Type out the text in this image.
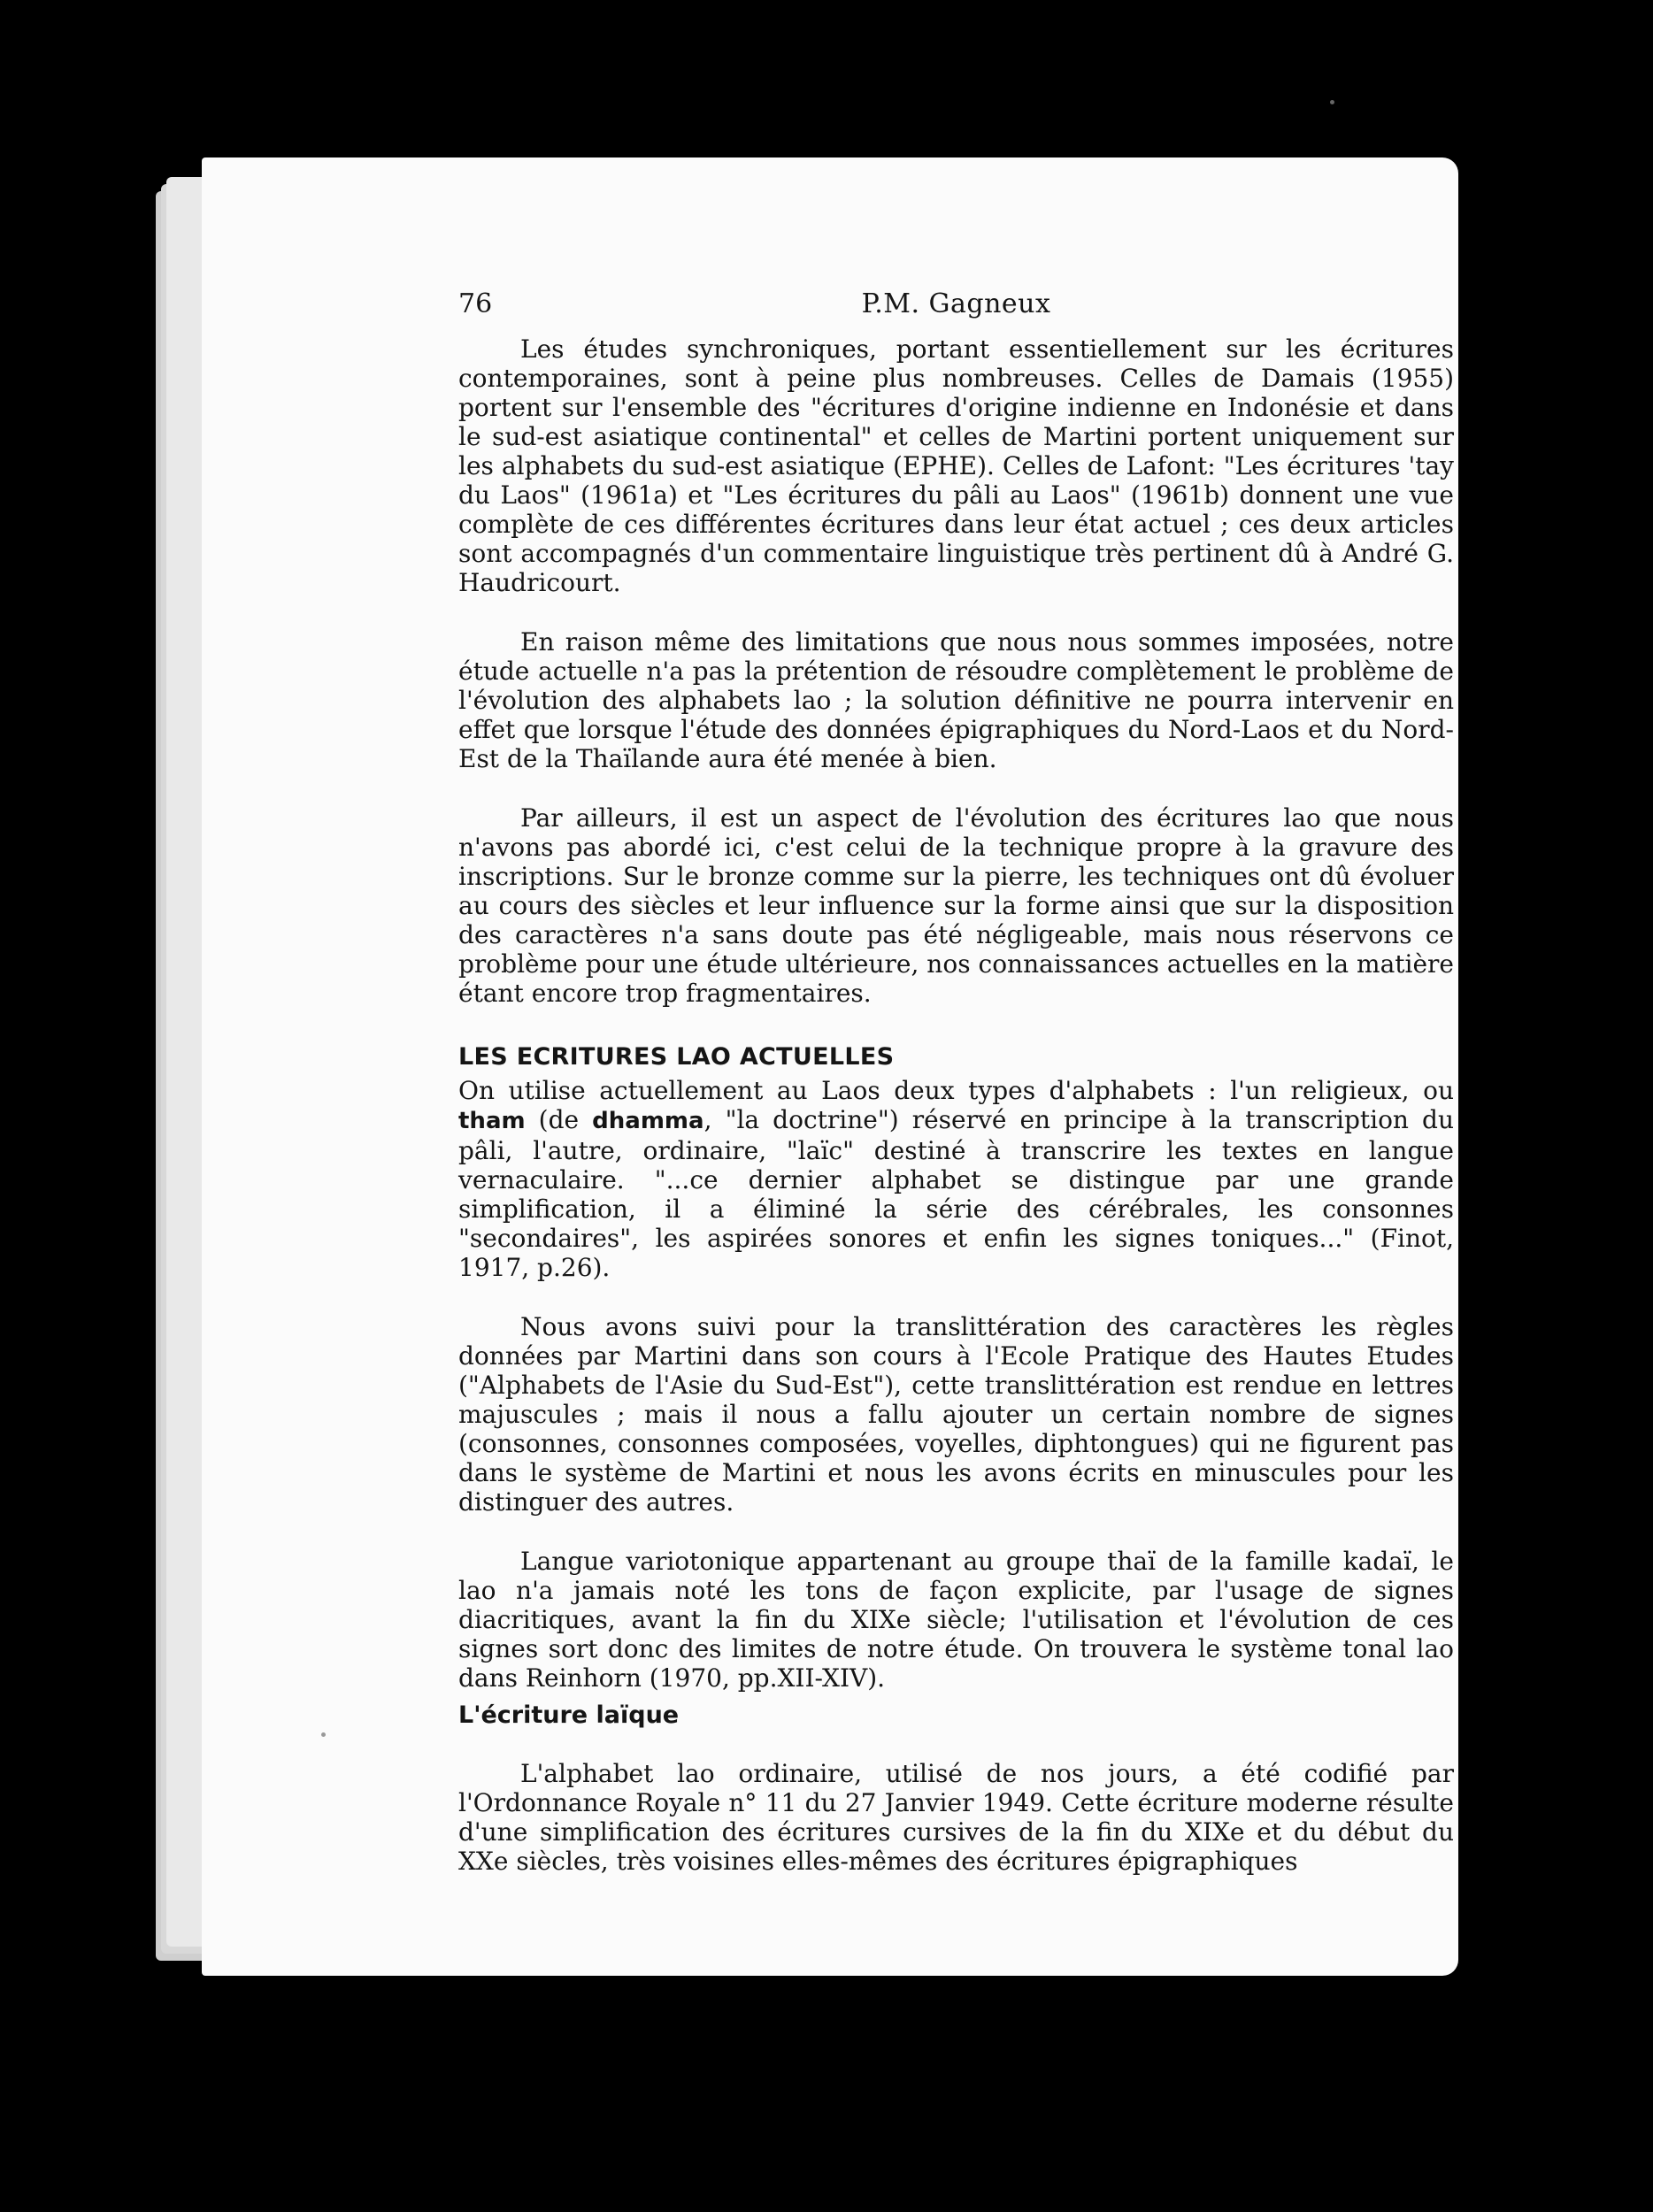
76	P.M. Gagneux

Les études synchroniques, portant essentiellement sur les écritures contemporaines, sont à peine plus nombreuses. Celles de Damais (1955) portent sur l'ensemble des "écritures d'origine indienne en Indonésie et dans le sud-est asiatique continental" et celles de Martini portent uniquement sur les alphabets du sud-est asiatique (EPHE). Celles de Lafont: "Les écritures 'tay du Laos" (1961a) et "Les écritures du pâli au Laos" (1961b) donnent une vue complète de ces différentes écritures dans leur état actuel ; ces deux articles sont accompagnés d'un commentaire linguistique très pertinent dû à André G. Haudricourt.

En raison même des limitations que nous nous sommes imposées, notre étude actuelle n'a pas la prétention de résoudre complètement le problème de l'évolution des alphabets lao ; la solution définitive ne pourra intervenir en effet que lorsque l'étude des données épigraphiques du Nord-Laos et du Nord-Est de la Thaïlande aura été menée à bien.

Par ailleurs, il est un aspect de l'évolution des écritures lao que nous n'avons pas abordé ici, c'est celui de la technique propre à la gravure des inscriptions. Sur le bronze comme sur la pierre, les techniques ont dû évoluer au cours des siècles et leur influence sur la forme ainsi que sur la disposition des caractères n'a sans doute pas été négligeable, mais nous réservons ce problème pour une étude ultérieure, nos connaissances actuelles en la matière étant encore trop fragmentaires.

LES ECRITURES LAO ACTUELLES

On utilise actuellement au Laos deux types d'alphabets : l'un religieux, ou tham (de dhamma, "la doctrine") réservé en principe à la transcription du pâli, l'autre, ordinaire, "laïc" destiné à transcrire les textes en langue vernaculaire. "...ce dernier alphabet se distingue par une grande simplification, il a éliminé la série des cérébrales, les consonnes "secondaires", les aspirées sonores et enfin les signes toniques..." (Finot, 1917, p.26).

Nous avons suivi pour la translittération des caractères les règles données par Martini dans son cours à l'Ecole Pratique des Hautes Etudes ("Alphabets de l'Asie du Sud-Est"), cette translittération est rendue en lettres majuscules ; mais il nous a fallu ajouter un certain nombre de signes (consonnes, consonnes composées, voyelles, diphtongues) qui ne figurent pas dans le système de Martini et nous les avons écrits en minuscules pour les distinguer des autres.

Langue variotonique appartenant au groupe thaï de la famille kadaï, le lao n'a jamais noté les tons de façon explicite, par l'usage de signes diacritiques, avant la fin du XIXe siècle; l'utilisation et l'évolution de ces signes sort donc des limites de notre étude. On trouvera le système tonal lao dans Reinhorn (1970, pp.XII-XIV).

L'écriture laïque

L'alphabet lao ordinaire, utilisé de nos jours, a été codifié par l'Ordonnance Royale n° 11 du 27 Janvier 1949. Cette écriture moderne résulte d'une simplification des écritures cursives de la fin du XIXe et du début du XXe siècles, très voisines elles-mêmes des écritures épigraphiques
